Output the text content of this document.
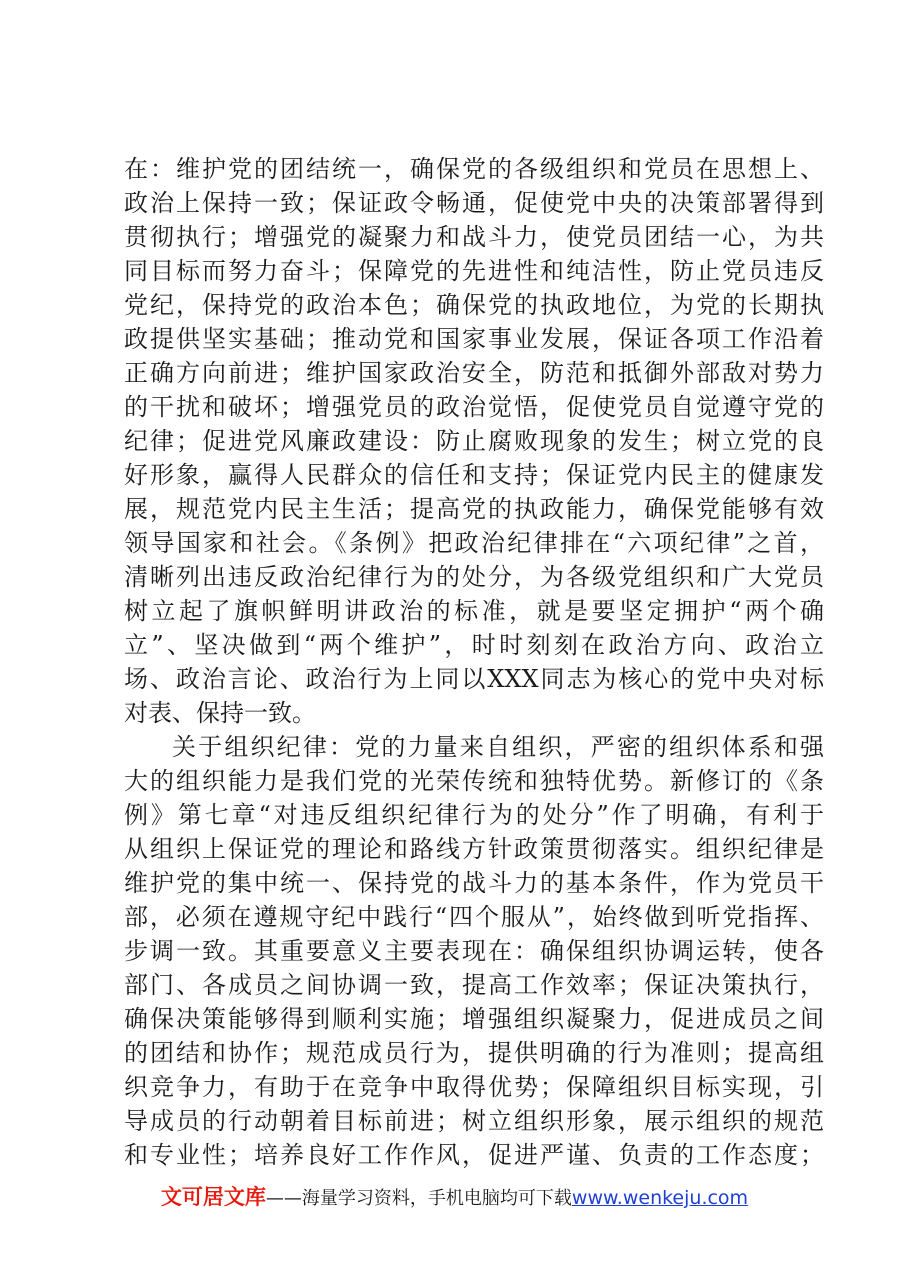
在：维护党的团结统一，确保党的各级组织和党员在思想上、
政治上保持一致；保证政令畅通，促使党中央的决策部署得到
贯彻执行；增强党的凝聚力和战斗力，使党员团结一心，为共
同目标而努力奋斗；保障党的先进性和纯洁性，防止党员违反
党纪，保持党的政治本色；确保党的执政地位，为党的长期执
政提供坚实基础；推动党和国家事业发展，保证各项工作沿着
正确方向前进；维护国家政治安全，防范和抵御外部敌对势力
的干扰和破坏；增强党员的政治觉悟，促使党员自觉遵守党的
纪律；促进党风廉政建设：防止腐败现象的发生；树立党的良
好形象，赢得人民群众的信任和支持；保证党内民主的健康发
展，规范党内民主生活；提高党的执政能力，确保党能够有效
领导国家和社会。《条例》把政治纪律排在“六项纪律”之首，
清晰列出违反政治纪律行为的处分，为各级党组织和广大党员
树立起了旗帜鲜明讲政治的标准，就是要坚定拥护“两个确
立”、坚决做到“两个维护”，时时刻刻在政治方向、政治立
场、政治言论、政治行为上同以XXX同志为核心的党中央对标
对表、保持一致。
关于组织纪律：党的力量来自组织，严密的组织体系和强
大的组织能力是我们党的光荣传统和独特优势。新修订的《条
例》第七章“对违反组织纪律行为的处分”作了明确，有利于
从组织上保证党的理论和路线方针政策贯彻落实。组织纪律是
维护党的集中统一、保持党的战斗力的基本条件，作为党员干
部，必须在遵规守纪中践行“四个服从”，始终做到听党指挥、
步调一致。其重要意义主要表现在：确保组织协调运转，使各
部门、各成员之间协调一致，提高工作效率；保证决策执行，
确保决策能够得到顺利实施；增强组织凝聚力，促进成员之间
的团结和协作；规范成员行为，提供明确的行为准则；提高组
织竞争力，有助于在竞争中取得优势；保障组织目标实现，引
导成员的行动朝着目标前进；树立组织形象，展示组织的规范
和专业性；培养良好工作作风，促进严谨、负责的工作态度；
文可居文库——海量学习资料，手机电脑均可下载www.wenkeju.com
